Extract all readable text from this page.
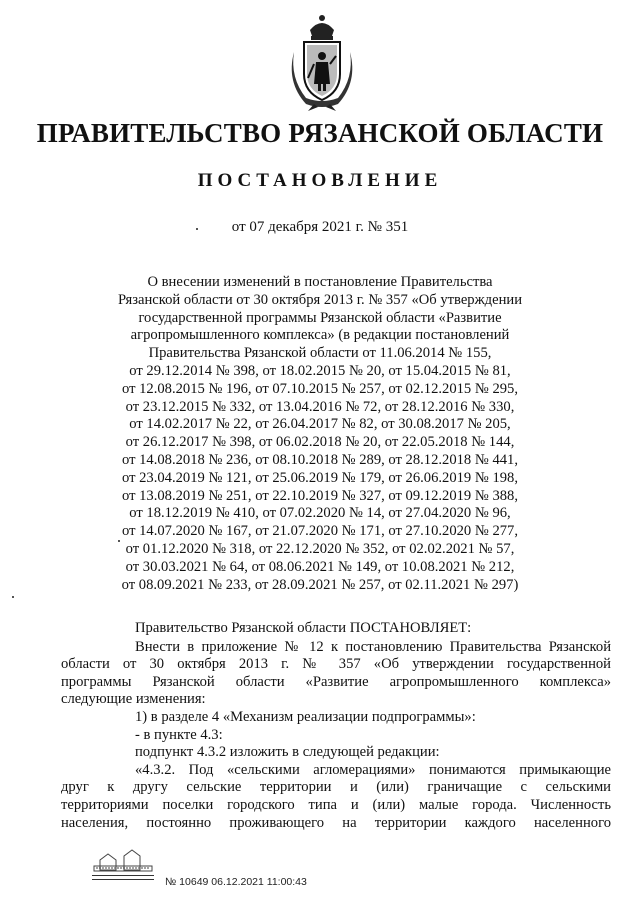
ПРАВИТЕЛЬСТВО РЯЗАНСКОЙ ОБЛАСТИ
ПОСТАНОВЛЕНИЕ
от 07 декабря 2021 г. № 351
О внесении изменений в постановление Правительства
Рязанской области от 30 октября 2013 г. № 357 «Об утверждении
государственной программы Рязанской области «Развитие
агропромышленного комплекса» (в редакции постановлений
Правительства Рязанской области от 11.06.2014 № 155,
от 29.12.2014 № 398, от 18.02.2015 № 20, от 15.04.2015 № 81,
от 12.08.2015 № 196, от 07.10.2015 № 257, от 02.12.2015 № 295,
от 23.12.2015 № 332, от 13.04.2016 № 72, от 28.12.2016 № 330,
от 14.02.2017 № 22, от 26.04.2017 № 82, от 30.08.2017 № 205,
от 26.12.2017 № 398, от 06.02.2018 № 20, от 22.05.2018 № 144,
от 14.08.2018 № 236, от 08.10.2018 № 289, от 28.12.2018 № 441,
от 23.04.2019 № 121, от 25.06.2019 № 179, от 26.06.2019 № 198,
от 13.08.2019 № 251, от 22.10.2019 № 327, от 09.12.2019 № 388,
от 18.12.2019 № 410, от 07.02.2020 № 14, от 27.04.2020 № 96,
от 14.07.2020 № 167, от 21.07.2020 № 171, от 27.10.2020 № 277,
от 01.12.2020 № 318, от 22.12.2020 № 352, от 02.02.2021 № 57,
от 30.03.2021 № 64, от 08.06.2021 № 149, от 10.08.2021 № 212,
от 08.09.2021 № 233, от 28.09.2021 № 257, от 02.11.2021 № 297)
Правительство Рязанской области ПОСТАНОВЛЯЕТ:
Внести в приложение № 12 к постановлению Правительства Рязанской
области от 30 октября 2013 г. № 357 «Об утверждении государственной
программы Рязанской области «Развитие агропромышленного комплекса»
следующие изменения:
1) в разделе 4 «Механизм реализации подпрограммы»:
- в пункте 4.3:
подпункт 4.3.2 изложить в следующей редакции:
«4.3.2. Под «сельскими агломерациями» понимаются примыкающие
друг к другу сельские территории и (или) граничащие с сельскими
территориями поселки городского типа и (или) малые города. Численность
населения, постоянно проживающего на территории каждого населенного
№ 10649 06.12.2021 11:00:43
